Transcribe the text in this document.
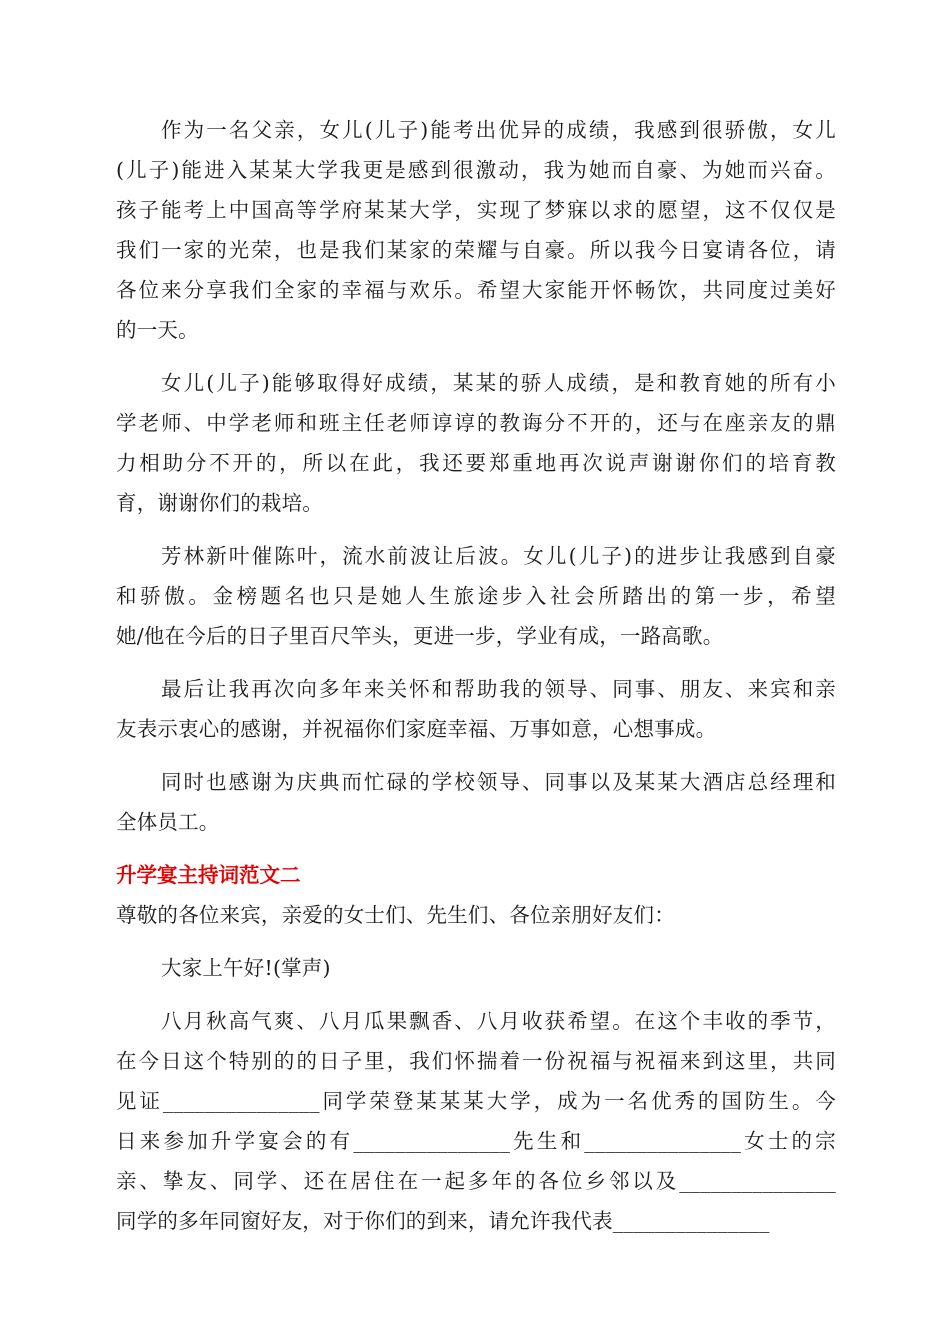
作为一名父亲，女儿(儿子)能考出优异的成绩，我感到很骄傲，女儿
(儿子)能进入某某大学我更是感到很激动，我为她而自豪、为她而兴奋。
孩子能考上中国高等学府某某大学，实现了梦寐以求的愿望，这不仅仅是
我们一家的光荣，也是我们某家的荣耀与自豪。所以我今日宴请各位，请
各位来分享我们全家的幸福与欢乐。希望大家能开怀畅饮，共同度过美好
的一天。
女儿(儿子)能够取得好成绩，某某的骄人成绩，是和教育她的所有小
学老师、中学老师和班主任老师谆谆的教诲分不开的，还与在座亲友的鼎
力相助分不开的，所以在此，我还要郑重地再次说声谢谢你们的培育教
育，谢谢你们的栽培。
芳林新叶催陈叶，流水前波让后波。女儿(儿子)的进步让我感到自豪
和骄傲。金榜题名也只是她人生旅途步入社会所踏出的第一步，希望
她/他在今后的日子里百尺竿头，更进一步，学业有成，一路高歌。
最后让我再次向多年来关怀和帮助我的领导、同事、朋友、来宾和亲
友表示衷心的感谢，并祝福你们家庭幸福、万事如意，心想事成。
同时也感谢为庆典而忙碌的学校领导、同事以及某某大酒店总经理和
全体员工。
升学宴主持词范文二
尊敬的各位来宾，亲爱的女士们、先生们、各位亲朋好友们：
大家上午好!(掌声)
八月秋高气爽、八月瓜果飘香、八月收获希望。在这个丰收的季节，
在今日这个特别的的日子里，我们怀揣着一份祝福与祝福来到这里，共同
见证_______________同学荣登某某某大学，成为一名优秀的国防生。今
日来参加升学宴会的有_______________先生和_______________女士的宗
亲、挚友、同学、还在居住在一起多年的各位乡邻以及_______________
同学的多年同窗好友，对于你们的到来，请允许我代表_______________
